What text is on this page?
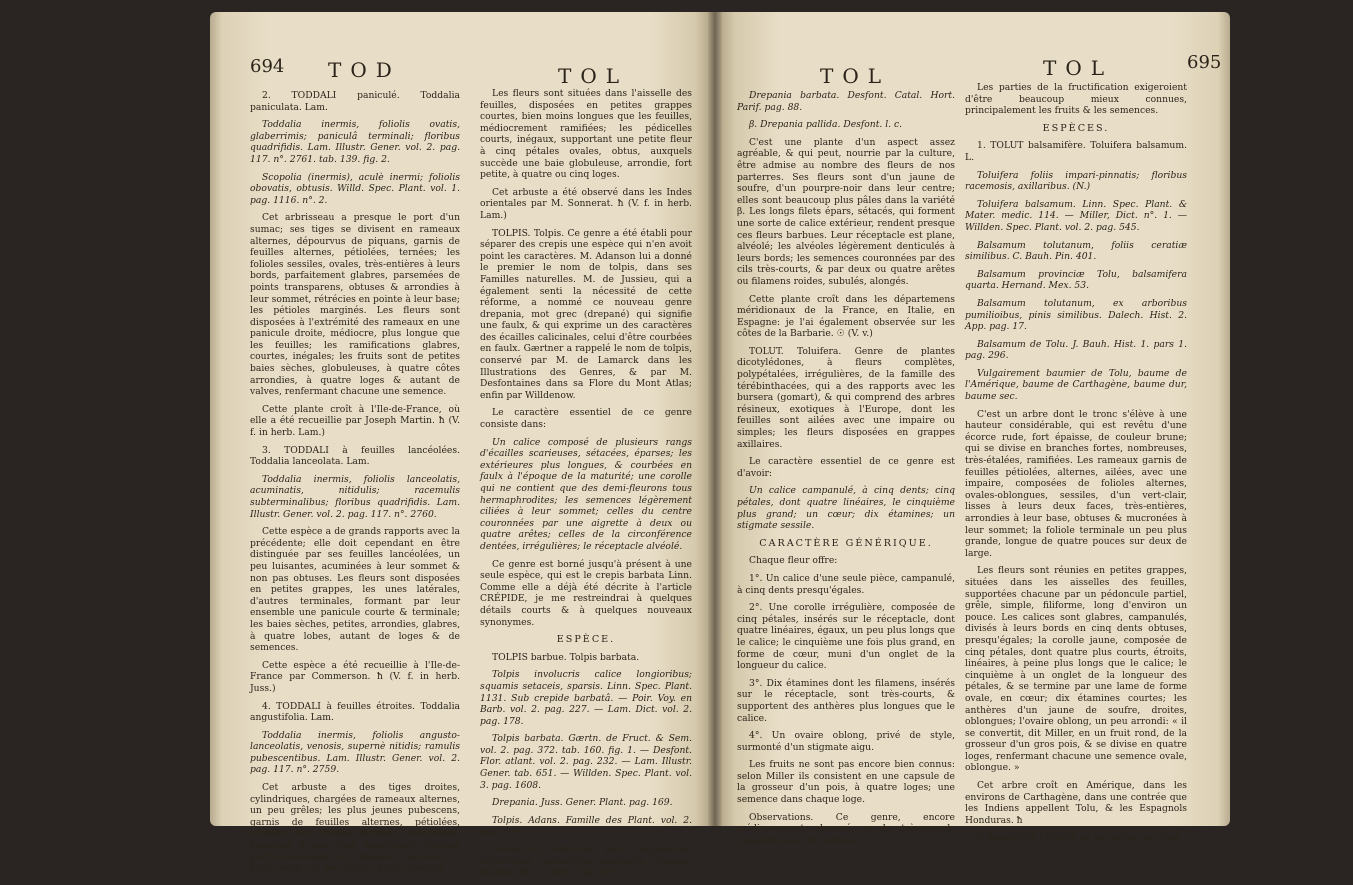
694 TOD	TOL

2. TODDALI paniculé. Toddalia paniculata. Lam.

Toddalia inermis, foliolis ovatis, glaberrimis; paniculâ terminali; floribus quadrifidis. Lam. Illustr. Gener. vol. 2. pag. 117. n°. 2761. tab. 139. fig. 2.

Scopolia (inermis), aculè inermi; foliolis obovatis, obtusis. Willd. Spec. Plant. vol. 1. pag. 1116. n°. 2.

Cet arbrisseau a presque le port d'un sumac; ses tiges se divisent en rameaux alternes, dépourvus de piquans, garnis de feuilles alternes, pétiolées, ternées; les folioles sessiles, ovales, très-entières à leurs bords, parfaitement glabres, parsemées de points transparens, obtuses & arrondies à leur sommet, rétrécies en pointe à leur base; les pétioles marginés. Les fleurs sont disposées à l'extrémité des rameaux en une panicule droite, médiocre, plus longue que les feuilles; les ramifications glabres, courtes, inégales; les fruits sont de petites baies sèches, globuleuses, à quatre côtes arrondies, à quatre loges & autant de valves, renfermant chacune une semence.

Cette plante croît à l'Ile-de-France, où elle a été recueillie par Joseph Martin. ħ (V. f. in herb. Lam.)

3. TODDALI à feuilles lancéolées. Toddalia lanceolata. Lam.

Toddalia inermis, foliolis lanceolatis, acuminatis, nitidulis; racemulis subterminalibus; floribus quadrifidis. Lam. Illustr. Gener. vol. 2. pag. 117. n°. 2760.

Cette espèce a de grands rapports avec la précédente; elle doit cependant en être distinguée par ses feuilles lancéolées, un peu luisantes, acuminées à leur sommet & non pas obtuses. Les fleurs sont disposées en petites grappes, les unes latérales, d'autres terminales, formant par leur ensemble une panicule courte & terminale; les baies sèches, petites, arrondies, glabres, à quatre lobes, autant de loges & de semences.

Cette espèce a été recueillie à l'Ile-de-France par Commerson. ħ (V. f. in herb. Juss.)

4. TODDALI à feuilles étroites. Toddalia angustifolia. Lam.

Toddalia inermis, foliolis angusto-lanceolatis, venosis, supernè nitidis; ramulis pubescentibus. Lam. Illustr. Gener. vol. 2. pag. 117. n°. 2759.

Cet arbuste a des tiges droites, cylindriques, chargées de rameaux alternes, un peu grêles; les plus jeunes pubescens, garnis de feuilles alternes, pétiolées, ternées; les folioles étroites, lancéolées, luisantes à leur face supérieure, veinées particulièrement en dessous, entières à leurs bords, un peu aiguës à leur sommet.

Les fleurs sont situées dans l'aisselle des feuilles, disposées en petites grappes courtes, bien moins longues que les feuilles, médiocrement ramifiées; les pédicelles courts, inégaux, supportant une petite fleur à cinq pétales ovales, obtus, auxquels succède une baie globuleuse, arrondie, fort petite, à quatre ou cinq loges.

Cet arbuste a été observé dans les Indes orientales par M. Sonnerat. ħ (V. f. in herb. Lam.)

TOLPIS. Tolpis. Ce genre a été établi pour séparer des crepis une espèce qui n'en avoit point les caractères. M. Adanson lui a donné le premier le nom de tolpis, dans ses Familles naturelles. M. de Jussieu, qui a également senti la nécessité de cette réforme, a nommé ce nouveau genre drepania, mot grec (drepané) qui signifie une faulx, & qui exprime un des caractères des écailles calicinales, celui d'être courbées en faulx. Gærtner a rappelé le nom de tolpis, conservé par M. de Lamarck dans les Illustrations des Genres, & par M. Desfontaines dans sa Flore du Mont Atlas; enfin par Willdenow.

Le caractère essentiel de ce genre consiste dans:

Un calice composé de plusieurs rangs d'écailles scarieuses, sétacées, éparses; les extérieures plus longues, & courbées en faulx à l'époque de la maturité; une corolle qui ne contient que des demi-fleurons tous hermaphrodites; les semences légèrement ciliées à leur sommet; celles du centre couronnées par une aigrette à deux ou quatre arêtes; celles de la circonférence dentées, irrégulières; le réceptacle alvéolé.

Ce genre est borné jusqu'à présent à une seule espèce, qui est le crepis barbata Linn. Comme elle a déjà été décrite à l'article CRÉPIDE, je me restreindrai à quelques détails courts & à quelques nouveaux synonymes.

ESPÈCE.

TOLPIS barbue. Tolpis barbata.

Tolpis involucris calice longioribus; squamis setaceis, sparsis. Linn. Spec. Plant. 1131. Sub crepide barbatâ. — Poir. Voy. en Barb. vol. 2. pag. 227. — Lam. Dict. vol. 2. pag. 178.

Tolpis barbata. Gærtn. de Fruct. & Sem. vol. 2. pag. 372. tab. 160. fig. 1. — Desfont. Flor. atlant. vol. 2. pag. 232. — Lam. Illustr. Gener. tab. 651. — Willden. Spec. Plant. vol. 3. pag. 1608.

Drepania. Juss. Gener. Plant. pag. 169.

Tolpis. Adans. Famille des Plant. vol. 2. pag. 169.

Hieracium calicibus fetis longissimis, disfantibus, patentibus obvallatis. Sauvag. Monsp. 85. — Hort. Cliff. 387.

TOL	TOL	695

Drepania barbata. Desfont. Catal. Hort. Parif. pag. 88.

β. Drepania pallida. Desfont. l. c.

C'est une plante d'un aspect assez agréable, & qui peut, nourrie par la culture, être admise au nombre des fleurs de nos parterres. Ses fleurs sont d'un jaune de soufre, d'un pourpre-noir dans leur centre; elles sont beaucoup plus pâles dans la variété β. Les longs filets épars, sétacés, qui forment une sorte de calice extérieur, rendent presque ces fleurs barbues. Leur réceptacle est plane, alvéolé; les alvéoles légèrement denticulés à leurs bords; les semences couronnées par des cils très-courts, & par deux ou quatre arêtes ou filamens roides, subulés, alongés.

Cette plante croît dans les départemens méridionaux de la France, en Italie, en Espagne: je l'ai également observée sur les côtes de la Barbarie. ☉ (V. v.)

TOLUT. Toluifera. Genre de plantes dicotylédones, à fleurs complètes, polypétalées, irrégulières, de la famille des térébinthacées, qui a des rapports avec les bursera (gomart), & qui comprend des arbres résineux, exotiques à l'Europe, dont les feuilles sont ailées avec une impaire ou simples; les fleurs disposées en grappes axillaires.

Le caractère essentiel de ce genre est d'avoir:

Un calice campanulé, à cinq dents; cinq pétales, dont quatre linéaires, le cinquième plus grand; un cœur; dix étamines; un stigmate sessile.

CARACTÈRE GÉNÉRIQUE.

Chaque fleur offre:

1°. Un calice d'une seule pièce, campanulé, à cinq dents presqu'égales.

2°. Une corolle irrégulière, composée de cinq pétales, insérés sur le réceptacle, dont quatre linéaires, égaux, un peu plus longs que le calice; le cinquième une fois plus grand, en forme de cœur, muni d'un onglet de la longueur du calice.

3°. Dix étamines dont les filamens, insérés sur le réceptacle, sont très-courts, & supportent des anthères plus longues que le calice.

4°. Un ovaire oblong, privé de style, surmonté d'un stigmate aigu.

Les fruits ne sont pas encore bien connus: selon Miller ils consistent en une capsule de la grosseur d'un pois, à quatre loges; une semence dans chaque loge.

Observations. Ce genre, encore médiocrement observé, a de très-grands rapports avec les bursera.

Les parties de la fructification exigeroient d'être beaucoup mieux connues, principalement les fruits & les semences.

ESPÈCES.

1. TOLUT balsamifère. Toluifera balsamum. L.

Toluifera foliis impari-pinnatis; floribus racemosis, axillaribus. (N.)

Toluifera balsamum. Linn. Spec. Plant. & Mater. medic. 114. — Miller, Dict. n°. 1. — Willden. Spec. Plant. vol. 2. pag. 545.

Balsamum tolutanum, foliis ceratiæ similibus. C. Bauh. Pin. 401.

Balsamum provinciæ Tolu, balsamifera quarta. Hernand. Mex. 53.

Balsamum tolutanum, ex arboribus pumilioibus, pinis similibus. Dalech. Hist. 2. App. pag. 17.

Balsamum de Tolu. J. Bauh. Hist. 1. pars 1. pag. 296.

Vulgairement baumier de Tolu, baume de l'Amérique, baume de Carthagène, baume dur, baume sec.

C'est un arbre dont le tronc s'élève à une hauteur considérable, qui est revêtu d'une écorce rude, fort épaisse, de couleur brune; qui se divise en branches fortes, nombreuses, très-étalées, ramifiées. Les rameaux garnis de feuilles pétiolées, alternes, ailées, avec une impaire, composées de folioles alternes, ovales-oblongues, sessiles, d'un vert-clair, lisses à leurs deux faces, très-entières, arrondies à leur base, obtuses & mucronées à leur sommet; la foliole terminale un peu plus grande, longue de quatre pouces sur deux de large.

Les fleurs sont réunies en petites grappes, situées dans les aisselles des feuilles, supportées chacune par un pédoncule partiel, grêle, simple, filiforme, long d'environ un pouce. Les calices sont glabres, campanulés, divisés à leurs bords en cinq dents obtuses, presqu'égales; la corolle jaune, composée de cinq pétales, dont quatre plus courts, étroits, linéaires, à peine plus longs que le calice; le cinquième à un onglet de la longueur des pétales, & se termine par une lame de forme ovale, en cœur; dix étamines courtes; les anthères d'un jaune de soufre, droites, oblongues; l'ovaire oblong, un peu arrondi: « il se convertit, dit Miller, en un fruit rond, de la grosseur d'un gros pois, & se divise en quatre loges, renfermant chacune une semence ovale, oblongue. »

Cet arbre croît en Amérique, dans les environs de Carthagène, dans une contrée que les Indiens appellent Tolu, & les Espagnols Honduras. ħ

Il découle de l'écorce de cet arbre, par inci-
